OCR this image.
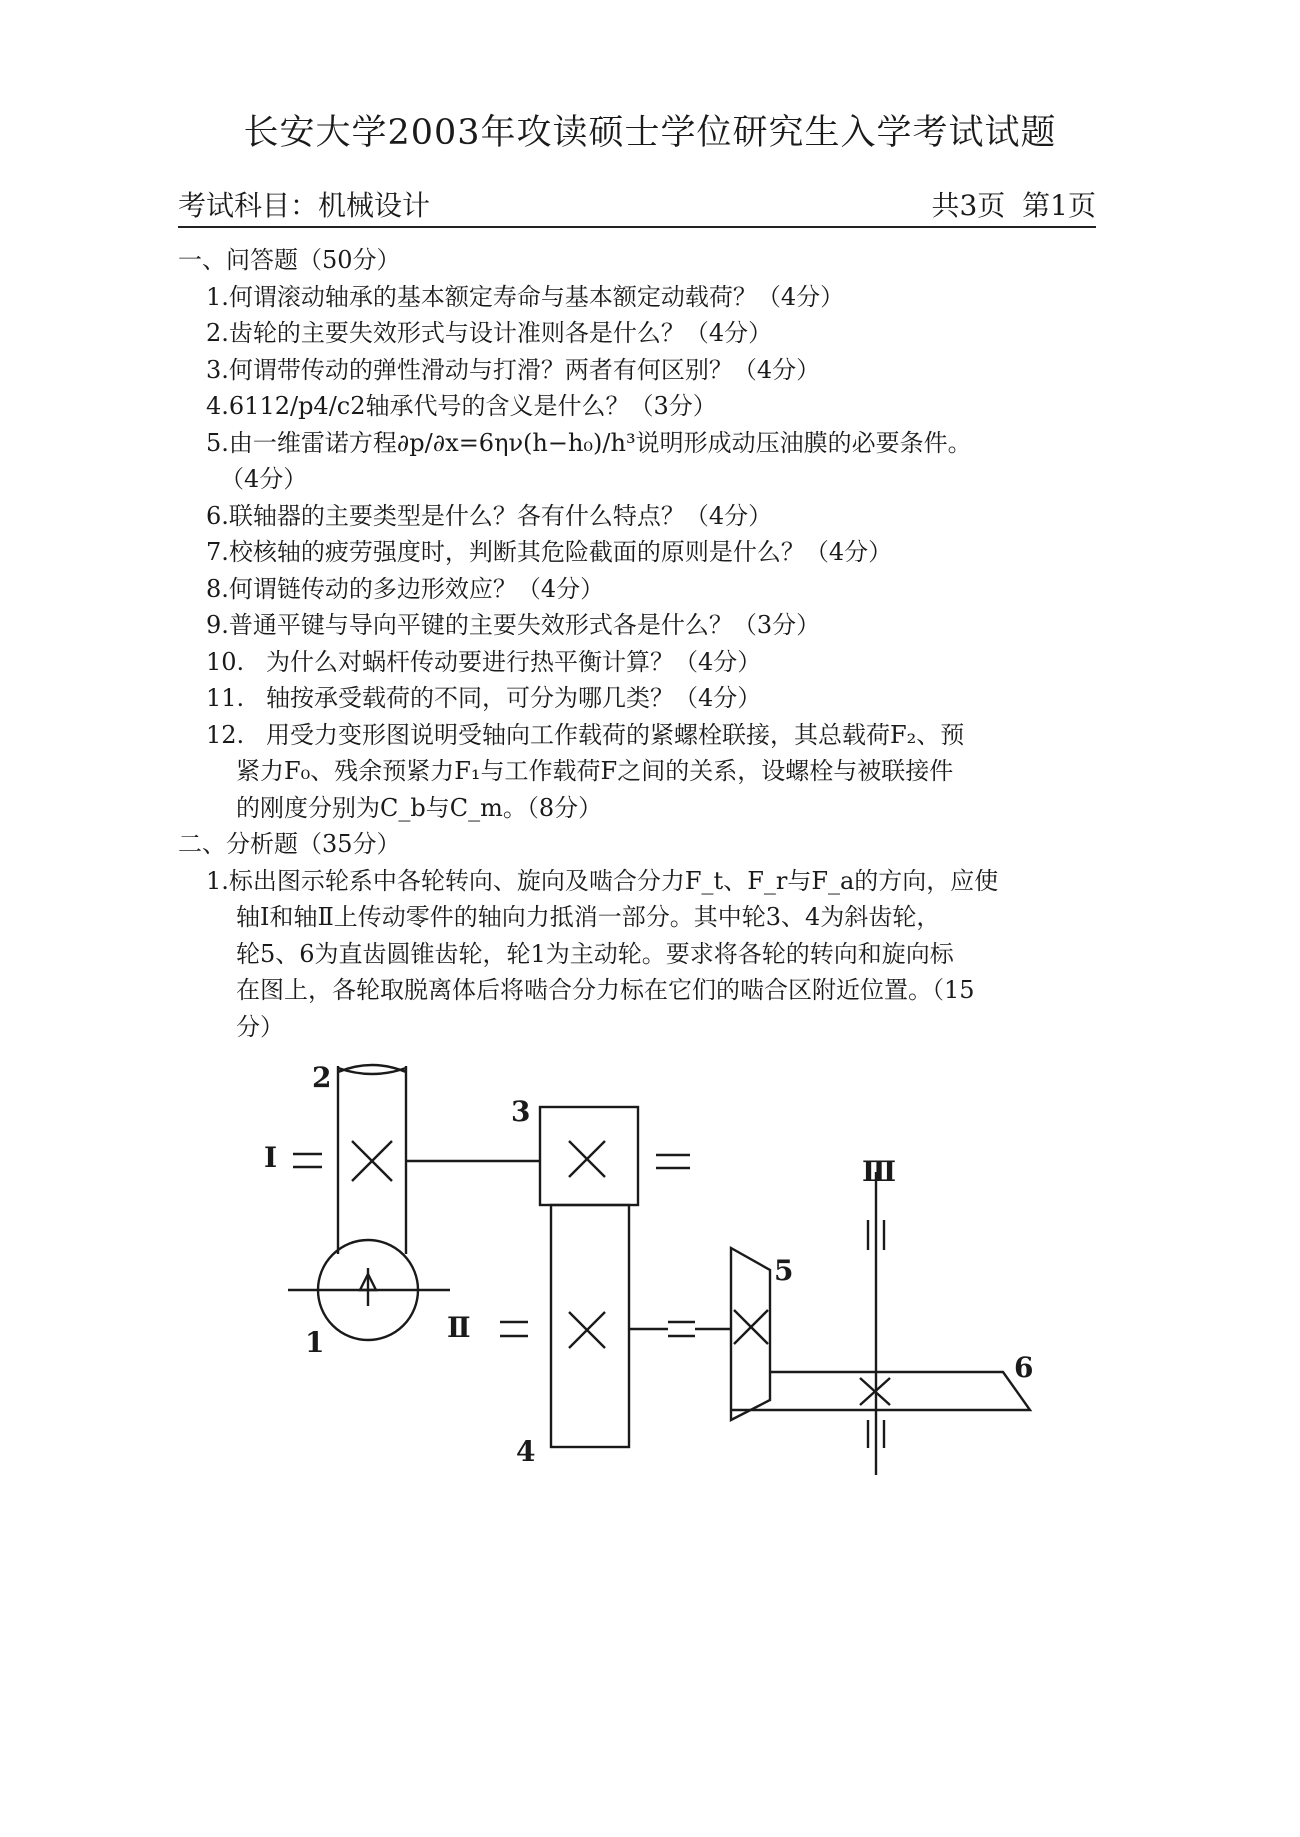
长安大学2003年攻读硕士学位研究生入学考试试题
考试科目：机械设计	共3页 第1页

一、问答题（50分）

1.何谓滚动轴承的基本额定寿命与基本额定动载荷？（4分）

2.齿轮的主要失效形式与设计准则各是什么？（4分）

3.何谓带传动的弹性滑动与打滑？两者有何区别？（4分）

4.6112/p4/c2轴承代号的含义是什么？（3分）

5.由一维雷诺方程∂p/∂x=6ην(h−h₀)/h³说明形成动压油膜的必要条件。

（4分）

6.联轴器的主要类型是什么？各有什么特点？（4分）

7.校核轴的疲劳强度时，判断其危险截面的原则是什么？（4分）

8.何谓链传动的多边形效应？（4分）

9.普通平键与导向平键的主要失效形式各是什么？（3分）

10. 为什么对蜗杆传动要进行热平衡计算？（4分）
11. 轴按承受载荷的不同，可分为哪几类？（4分）
12. 用受力变形图说明受轴向工作载荷的紧螺栓联接，其总载荷F₂、预

紧力F₀、残余预紧力F₁与工作载荷F之间的关系，设螺栓与被联接件

的刚度分别为C_b与C_m。（8分）

二、分析题（35分）

1.标出图示轮系中各轮转向、旋向及啮合分力F_t、F_r与F_a的方向，应使

轴Ⅰ和轴Ⅱ上传动零件的轴向力抵消一部分。其中轮3、4为斜齿轮，

轮5、6为直齿圆锥齿轮，轮1为主动轮。要求将各轮的转向和旋向标

在图上，各轮取脱离体后将啮合分力标在它们的啮合区附近位置。（15

分）

2
3
Ⅰ
1	Ⅱ
4
5
6
Ⅲ
